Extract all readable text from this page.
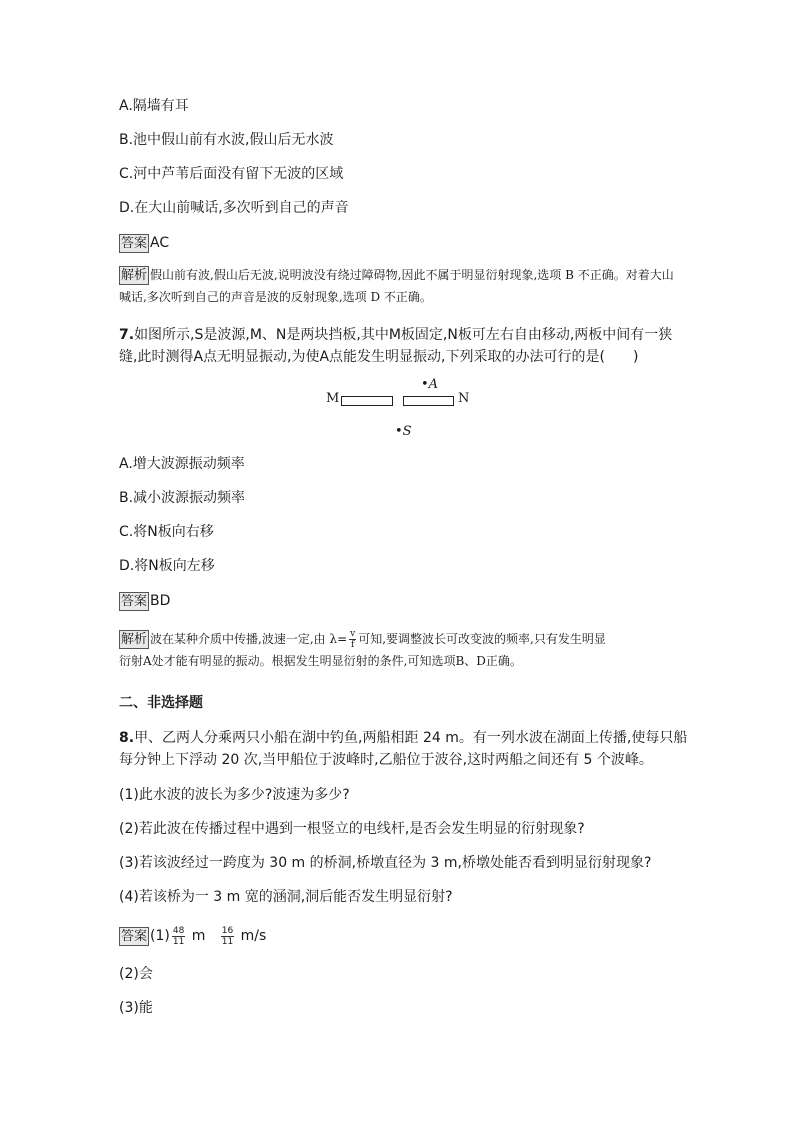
A.隔墙有耳
B.池中假山前有水波,假山后无水波
C.河中芦苇后面没有留下无波的区域
D.在大山前喊话,多次听到自己的声音
答案 AC
解析 假山前有波,假山后无波,说明波没有绕过障碍物,因此不属于明显衍射现象,选项 B 不正确。对着大山喊话,多次听到自己的声音是波的反射现象,选项 D 不正确。
7.如图所示,S是波源,M、N是两块挡板,其中M板固定,N板可左右自由移动,两板中间有一狭缝,此时测得A点无明显振动,为使A点能发生明显振动,下列采取的办法可行的是(　　)
M	N
•A
•S
A.增大波源振动频率
B.减小波源振动频率
C.将N板向右移
D.将N板向左移
答案 BD
解析 波在某种介质中传播,波速一定,由 $\lambda= \frac{v}{f}$ 可知,要调整波长可改变波的频率,只有发生明显
衍射A处才能有明显的振动。根据发生明显衍射的条件,可知选项B、D正确。
二、非选择题
8.甲、乙两人分乘两只小船在湖中钓鱼,两船相距 24 m。有一列水波在湖面上传播,使每只船
每分钟上下浮动 20 次,当甲船位于波峰时,乙船位于波谷,这时两船之间还有 5 个波峰。
(1)此水波的波长为多少?波速为多少?
(2)若此波在传播过程中遇到一根竖立的电线杆,是否会发生明显的衍射现象?
(3)若该波经过一跨度为 30 m 的桥洞,桥墩直径为 3 m,桥墩处能否看到明显衍射现象?
(4)若该桥为一 3 m 宽的涵洞,洞后能否发生明显衍射?
答案 $(1) \frac{48}{11}$ m $\frac{16}{11} m/s$
(2)会
(3)能
